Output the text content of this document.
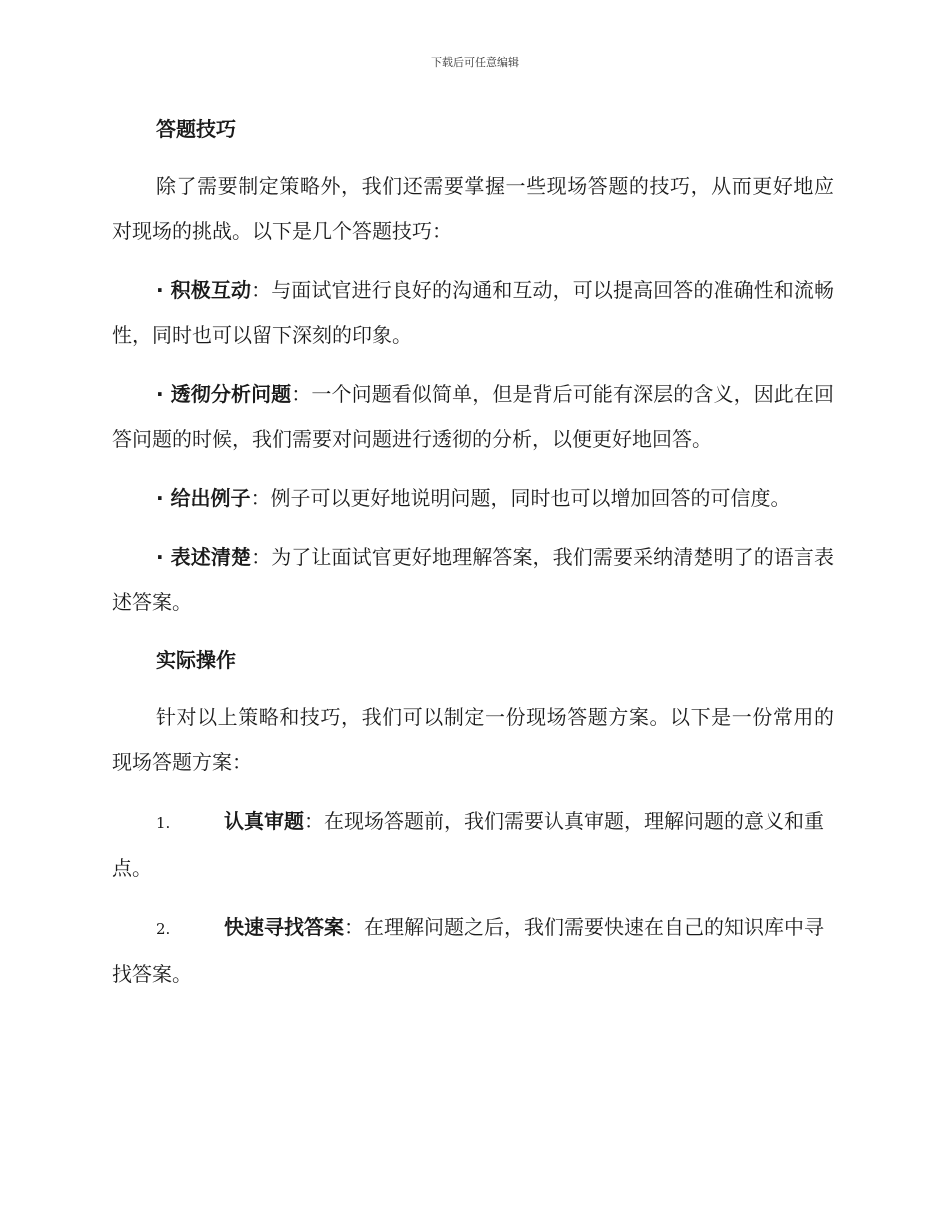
下载后可任意编辑
答题技巧

除了需要制定策略外，我们还需要掌握一些现场答题的技巧，从而更好地应对现场的挑战。以下是几个答题技巧：

· 积极互动：与面试官进行良好的沟通和互动，可以提高回答的准确性和流畅性，同时也可以留下深刻的印象。

· 透彻分析问题：一个问题看似简单，但是背后可能有深层的含义，因此在回答问题的时候，我们需要对问题进行透彻的分析，以便更好地回答。

· 给出例子：例子可以更好地说明问题，同时也可以增加回答的可信度。

· 表述清楚：为了让面试官更好地理解答案，我们需要采纳清楚明了的语言表述答案。

实际操作

针对以上策略和技巧，我们可以制定一份现场答题方案。以下是一份常用的现场答题方案：

1.	认真审题：在现场答题前，我们需要认真审题，理解问题的意义和重点。

2.	快速寻找答案：在理解问题之后，我们需要快速在自己的知识库中寻找答案。
